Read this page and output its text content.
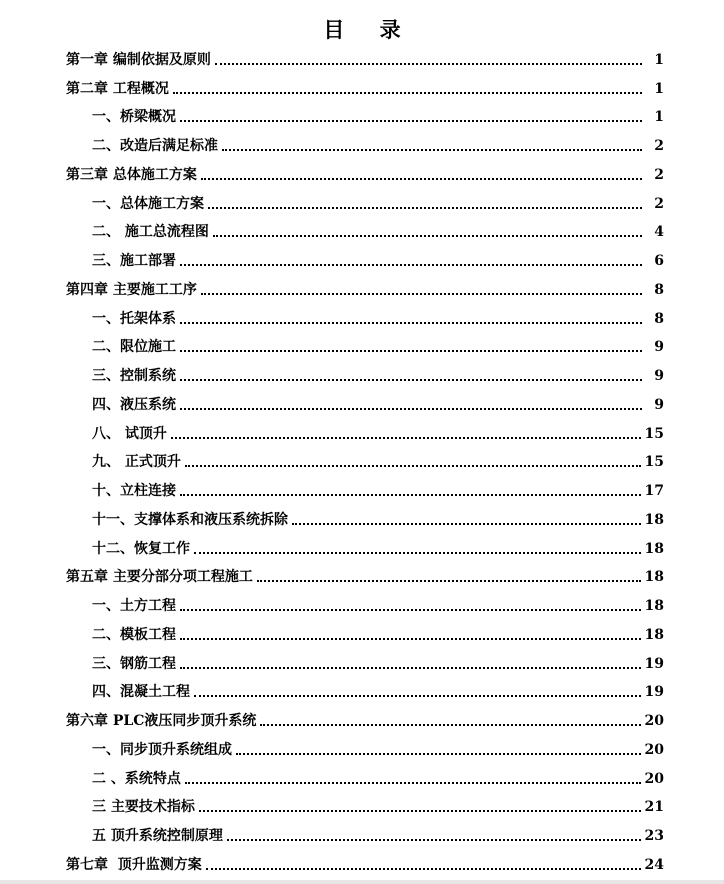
目 录
第一章 编制依据及原则	1
第二章 工程概况	1
一、桥梁概况	1
二、改造后满足标准	2
第三章 总体施工方案	2
一、总体施工方案	2
二、 施工总流程图	4
三、施工部署	6
第四章 主要施工工序	8
一、托架体系	8
二、限位施工	9
三、控制系统	9
四、液压系统	9
八、 试顶升	15
九、 正式顶升	15
十、立柱连接	17
十一、支撑体系和液压系统拆除	18
十二、恢复工作	18
第五章 主要分部分项工程施工	18
一、土方工程	18
二、模板工程	18
三、钢筋工程	19
四、混凝土工程	19
第六章 PLC液压同步顶升系统	20
一、同步顶升系统组成	20
二 、系统特点	20
三 主要技术指标	21
五 顶升系统控制原理	23
第七章  顶升监测方案	24
